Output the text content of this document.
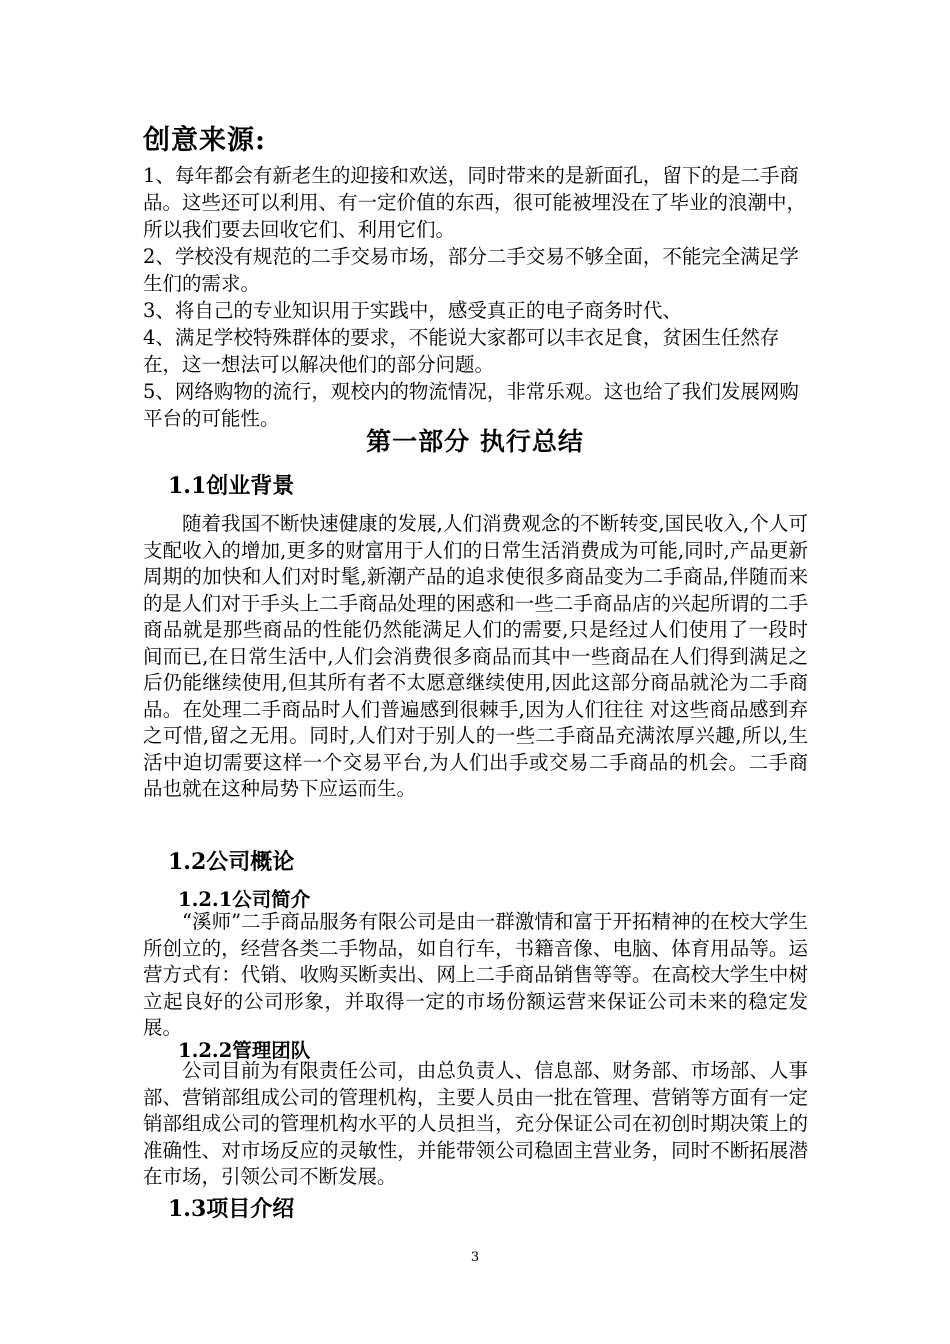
创意来源:

1、每年都会有新老生的迎接和欢送，同时带来的是新面孔，留下的是二手商品。这些还可以利用、有一定价值的东西，很可能被埋没在了毕业的浪潮中，所以我们要去回收它们、利用它们。

2、学校没有规范的二手交易市场，部分二手交易不够全面，不能完全满足学生们的需求。

3、将自己的专业知识用于实践中，感受真正的电子商务时代、

4、满足学校特殊群体的要求，不能说大家都可以丰衣足食，贫困生任然存在，这一想法可以解决他们的部分问题。

5、网络购物的流行，观校内的物流情况，非常乐观。这也给了我们发展网购平台的可能性。

第一部分 执行总结
1.1创业背景

随着我国不断快速健康的发展,人们消费观念的不断转变,国民收入,个人可支配收入的增加,更多的财富用于人们的日常生活消费成为可能,同时,产品更新周期的加快和人们对时髦,新潮产品的追求使很多商品变为二手商品,伴随而来的是人们对于手头上二手商品处理的困惑和一些二手商品店的兴起所谓的二手商品就是那些商品的性能仍然能满足人们的需要,只是经过人们使用了一段时间而已,在日常生活中,人们会消费很多商品而其中一些商品在人们得到满足之后仍能继续使用,但其所有者不太愿意继续使用,因此这部分商品就沦为二手商品。在处理二手商品时人们普遍感到很棘手,因为人们往往 对这些商品感到弃之可惜,留之无用。同时,人们对于别人的一些二手商品充满浓厚兴趣,所以,生活中迫切需要这样一个交易平台,为人们出手或交易二手商品的机会。二手商品也就在这种局势下应运而生。

1.2公司概论
1.2.1公司简介

“溪师”二手商品服务有限公司是由一群激情和富于开拓精神的在校大学生所创立的，经营各类二手物品，如自行车，书籍音像、电脑、体育用品等。运营方式有：代销、收购买断卖出、网上二手商品销售等等。在高校大学生中树立起良好的公司形象，并取得一定的市场份额运营来保证公司未来的稳定发展。

1.2.2管理团队

公司目前为有限责任公司，由总负责人、信息部、财务部、市场部、人事部、营销部组成公司的管理机构，主要人员由一批在管理、营销等方面有一定销部组成公司的管理机构水平的人员担当，充分保证公司在初创时期决策上的准确性、对市场反应的灵敏性，并能带领公司稳固主营业务，同时不断拓展潜在市场，引领公司不断发展。

1.3项目介绍
3
